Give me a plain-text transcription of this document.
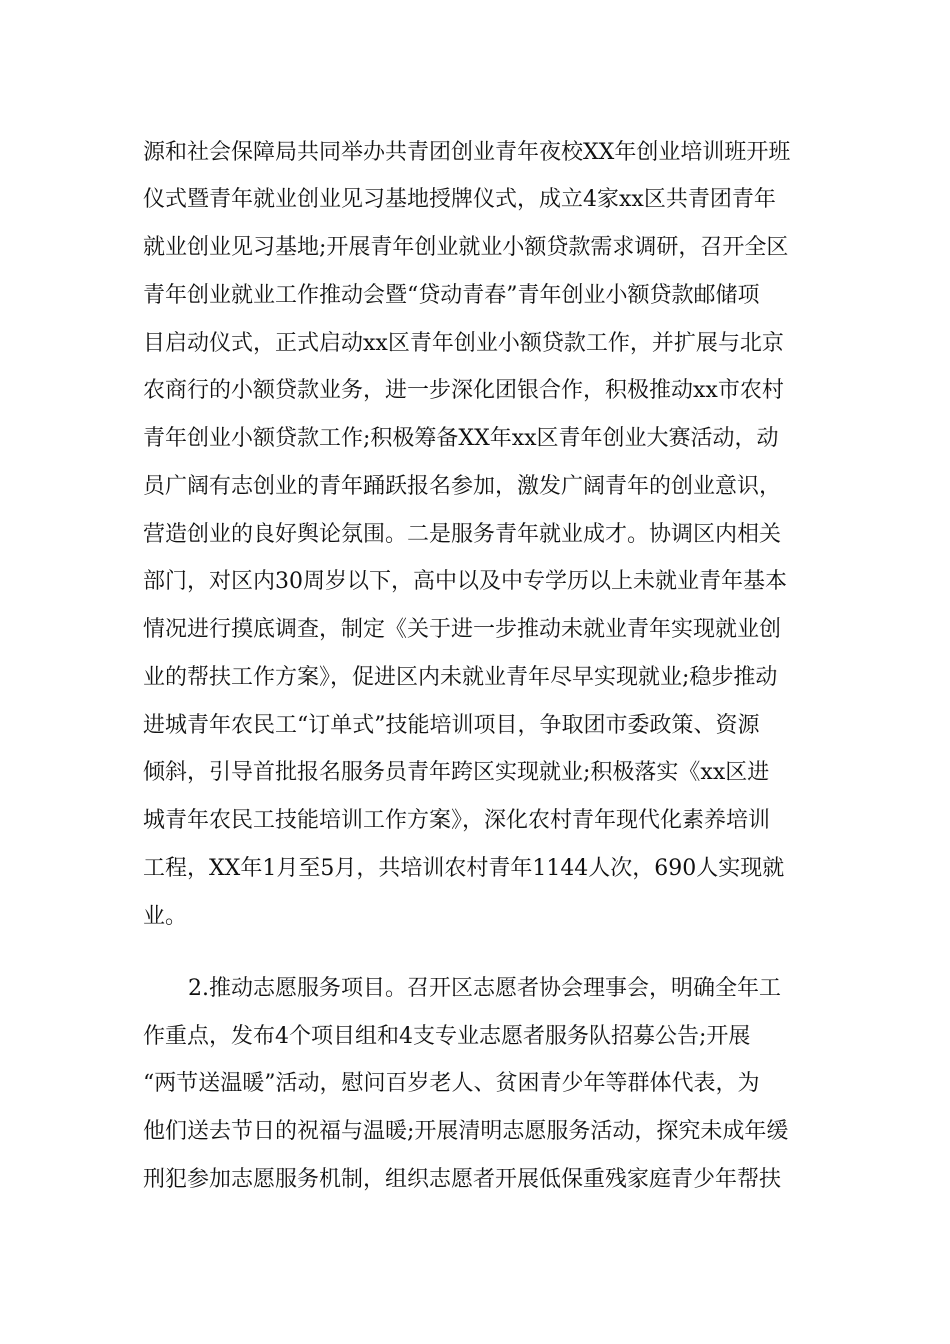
源和社会保障局共同举办共青团创业青年夜校XX年创业培训班开班
仪式暨青年就业创业见习基地授牌仪式，成立4家xx区共青团青年
就业创业见习基地;开展青年创业就业小额贷款需求调研，召开全区
青年创业就业工作推动会暨“贷动青春”青年创业小额贷款邮储项
目启动仪式，正式启动xx区青年创业小额贷款工作，并扩展与北京
农商行的小额贷款业务，进一步深化团银合作，积极推动xx市农村
青年创业小额贷款工作;积极筹备XX年xx区青年创业大赛活动，动
员广阔有志创业的青年踊跃报名参加，激发广阔青年的创业意识，
营造创业的良好舆论氛围。二是服务青年就业成才。协调区内相关
部门，对区内30周岁以下，高中以及中专学历以上未就业青年基本
情况进行摸底调查，制定《关于进一步推动未就业青年实现就业创
业的帮扶工作方案》，促进区内未就业青年尽早实现就业;稳步推动
进城青年农民工“订单式”技能培训项目，争取团市委政策、资源
倾斜，引导首批报名服务员青年跨区实现就业;积极落实《xx区进
城青年农民工技能培训工作方案》，深化农村青年现代化素养培训
工程，XX年1月至5月，共培训农村青年1144人次，690人实现就
业。
2.推动志愿服务项目。召开区志愿者协会理事会，明确全年工
作重点，发布4个项目组和4支专业志愿者服务队招募公告;开展
“两节送温暖”活动，慰问百岁老人、贫困青少年等群体代表，为
他们送去节日的祝福与温暖;开展清明志愿服务活动，探究未成年缓
刑犯参加志愿服务机制，组织志愿者开展低保重残家庭青少年帮扶
